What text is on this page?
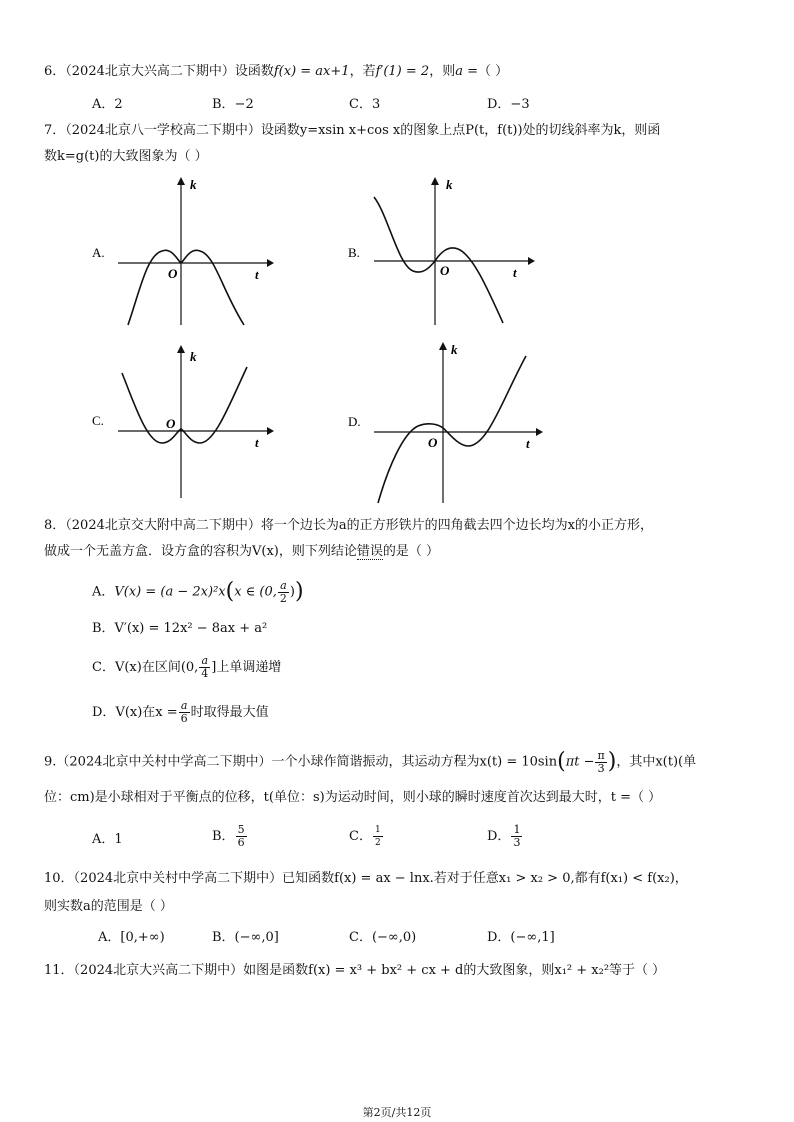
6．（2024北京大兴高二下期中）设函数f(x) = ax+1，若f′(1) = 2，则a =（ ）
A．2	B．−2	C．3	D．−3
7．（2024北京八一学校高二下期中）设函数y=xsin x+cos x的图象上点P(t，f(t))处的切线斜率为k，则函
数k=g(t)的大致图象为（ ）
A.
k
t
O
B.
k
t
O
C.
k
t
O	D.
k
t
O
8．（2024北京交大附中高二下期中）将一个边长为a的正方形铁片的四角截去四个边长均为x的小正方形，
做成一个无盖方盒．设方盒的容积为V(x)，则下列结论错误的是（ ）
A．V(x) = (a − 2x)²x(x ∈ (0, $\frac{a}{2}$ ))
B．V′(x) = 12x² − 8ax + a²
C．V(x)在区间(0, $\frac{a}{4}$ ]上单调递增
D．V(x)在$x = \frac{a}{6}$ 时取得最大值
9.（2024北京中关村中学高二下期中）一个小球作简谐振动，其运动方程为$x(t) = 10\sin(\pi t - \frac{\pi}{3}$ )，其中x(t)(单
位：cm)是小球相对于平衡点的位移，t(单位：s)为运动时间，则小球的瞬时速度首次达到最大时，t =（ ）
A．1	B． $\frac{5}{6}$	C． $\frac{1}{2}$	D． $\frac{1}{3}$
10．（2024北京中关村中学高二下期中）已知函数f(x) = ax − lnx.若对于任意x₁ > x₂ > 0,都有f(x₁) < f(x₂)，
则实数a的范围是（ ）
A．[0,+∞)	B．(−∞,0]	C．(−∞,0)	D．(−∞,1]
11．（2024北京大兴高二下期中）如图是函数f(x) = x³ + bx² + cx + d的大致图象，则x₁² + x₂²等于（ ）
第2页/共12页
